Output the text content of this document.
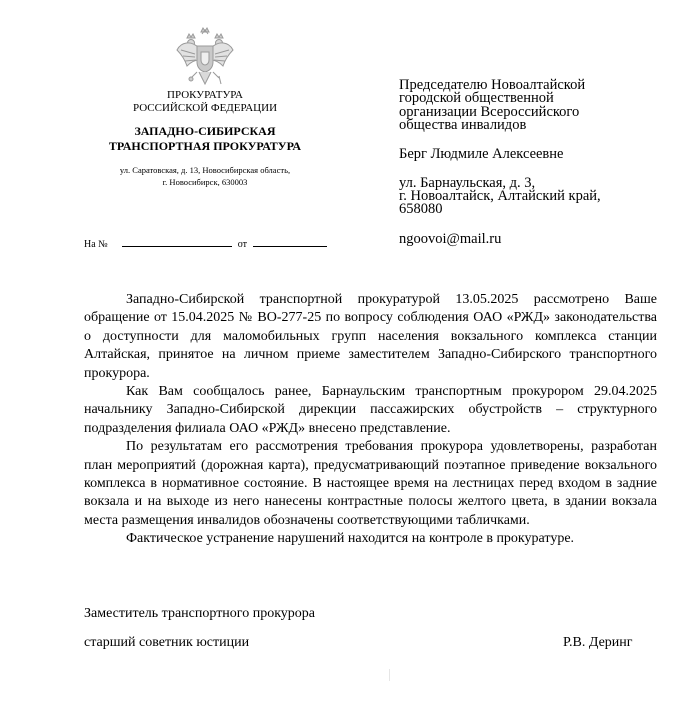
ПРОКУРАТУРА
РОССИЙСКОЙ ФЕДЕРАЦИИ
ЗАПАДНО-СИБИРСКАЯ
ТРАНСПОРТНАЯ ПРОКУРАТУРА
ул. Саратовская, д. 13, Новосибирская область,
г. Новосибирск, 630003
На №	от
Председателю Новоалтайской
городской общественной
организации Всероссийского
общества инвалидов
Берг Людмиле Алексеевне
ул. Барнаульская, д. 3,
г. Новоалтайск, Алтайский край,
658080
ngoovoi@mail.ru

Западно-Сибирской транспортной прокуратурой 13.05.2025 рассмотрено Ваше обращение от 15.04.2025 № ВО-277-25 по вопросу соблюдения ОАО «РЖД» законодательства о доступности для маломобильных групп населения вокзального комплекса станции Алтайская, принятое на личном приеме заместителем Западно-Сибирского транспортного прокурора.

Как Вам сообщалось ранее, Барнаульским транспортным прокурором 29.04.2025 начальнику Западно-Сибирской дирекции пассажирских обустройств – структурного подразделения филиала ОАО «РЖД» внесено представление.

По результатам его рассмотрения требования прокурора удовлетворены, разработан план мероприятий (дорожная карта), предусматривающий поэтапное приведение вокзального комплекса в нормативное состояние. В настоящее время на лестницах перед входом в задние вокзала и на выходе из него нанесены контрастные полосы желтого цвета, в здании вокзала места размещения инвалидов обозначены соответствующими табличками.

Фактическое устранение нарушений находится на контроле в прокуратуре.

Заместитель транспортного прокурора
старший советник юстиции	Р.В. Деринг
